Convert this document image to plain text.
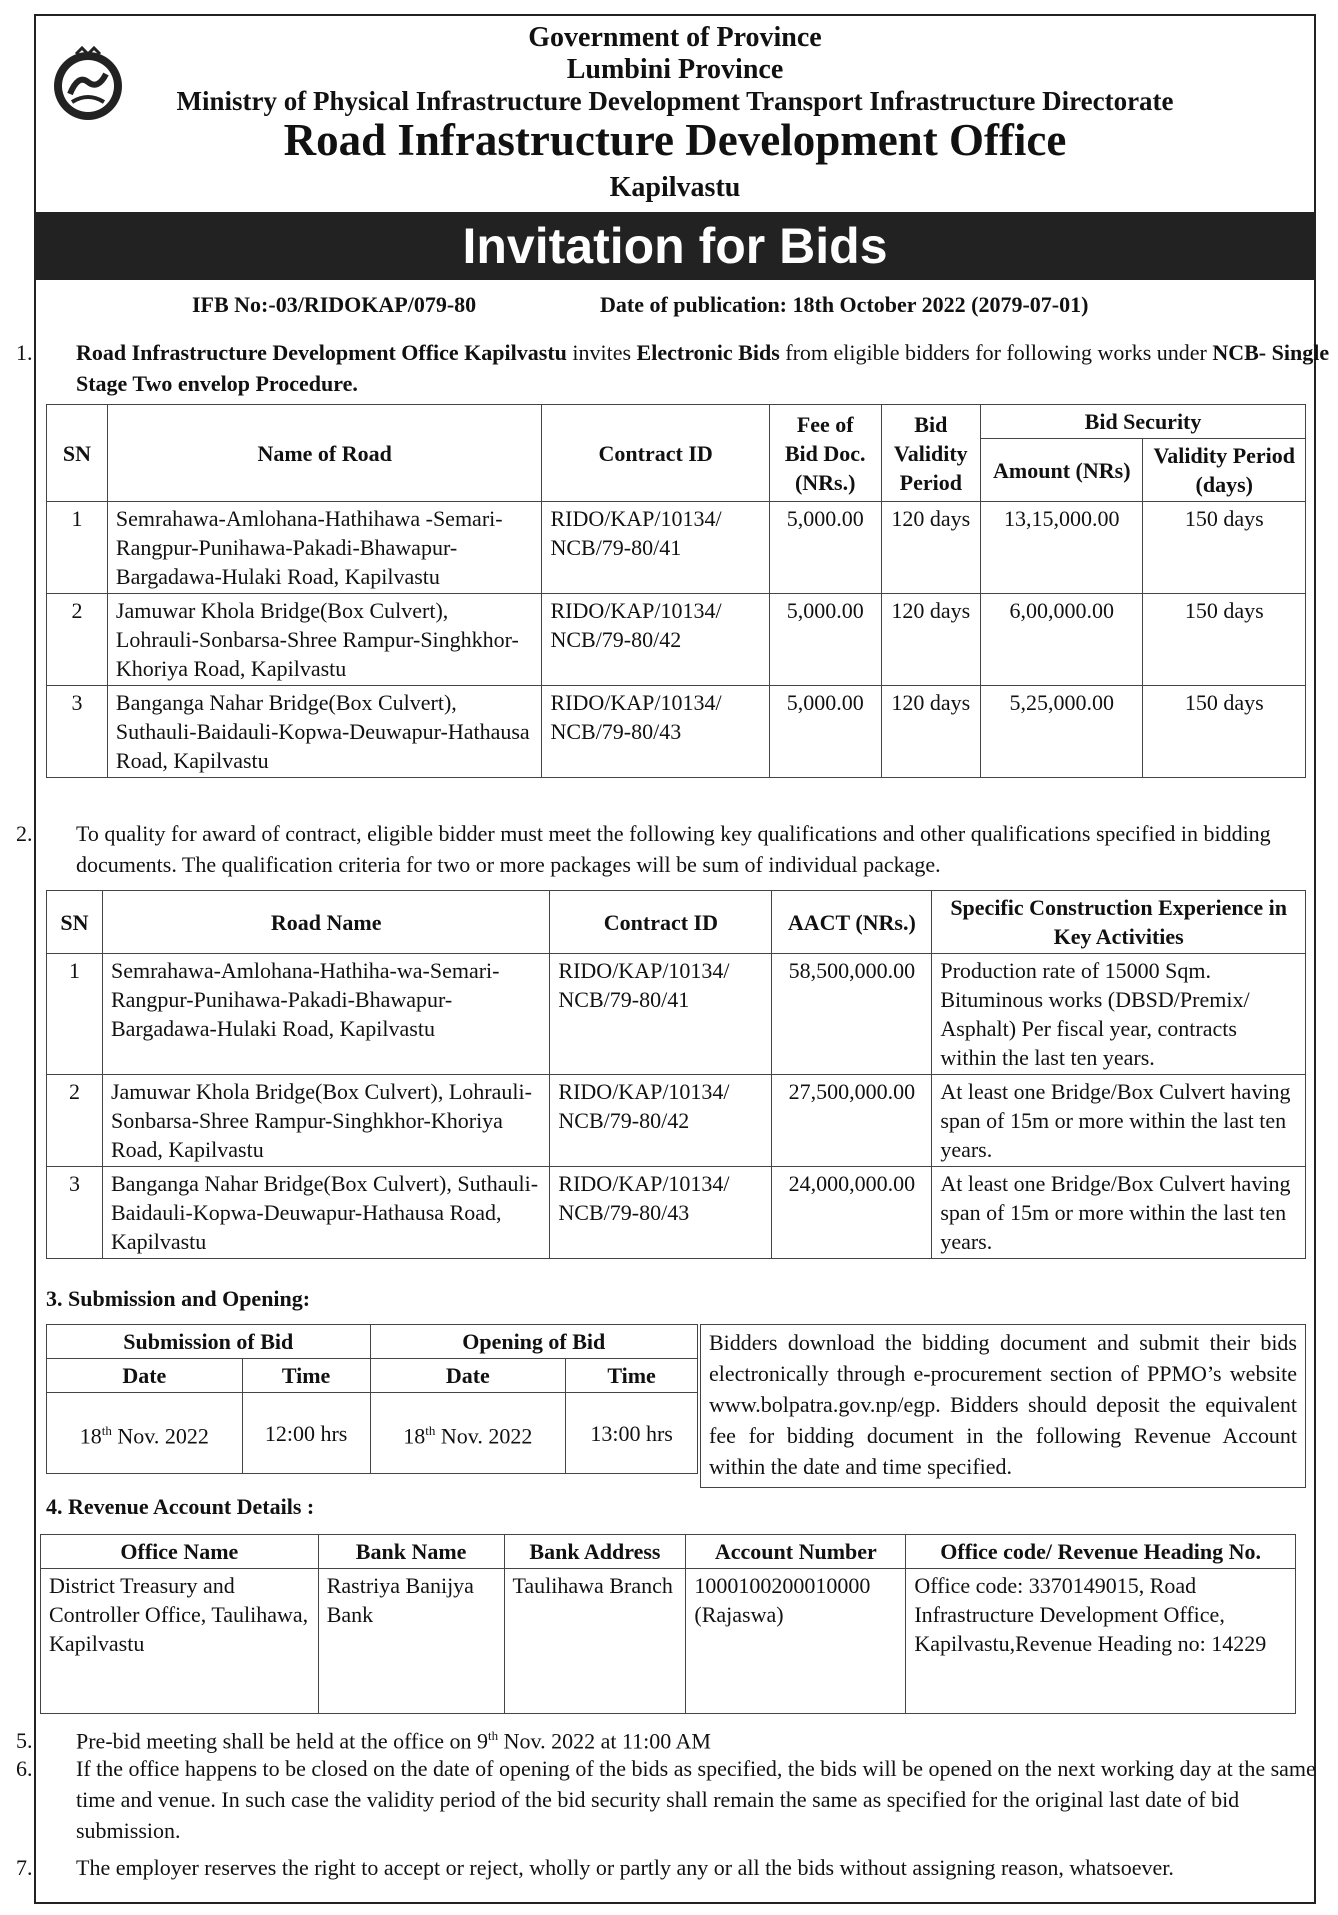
Government of Province
Lumbini Province
Ministry of Physical Infrastructure Development Transport Infrastructure Directorate
Road Infrastructure Development Office
Kapilvastu
Invitation for Bids
IFB No:-03/RIDOKAP/079-80	Date of publication: 18th October 2022 (2079-07-01)
1. Road Infrastructure Development Office Kapilvastu invites Electronic Bids from eligible bidders for following works under NCB- Single Stage Two envelop Procedure.
SN	Name of Road	Contract ID	Fee of Bid Doc. (NRs.)	Bid Validity Period	Bid Security	
					Amount (NRs)	Validity Period (days)
1	Semrahawa-Amlohana-Hathihawa -Semari-Rangpur-Punihawa-Pakadi-Bhawapur-Bargadawa-Hulaki Road, Kapilvastu	RIDO/KAP/10134/ NCB/79-80/41	5,000.00	120 days	13,15,000.00	150 days
2	Jamuwar Khola Bridge(Box Culvert), Lohrauli-Sonbarsa-Shree Rampur-Singhkhor-Khoriya Road, Kapilvastu	RIDO/KAP/10134/ NCB/79-80/42	5,000.00	120 days	6,00,000.00	150 days
3	Banganga Nahar Bridge(Box Culvert), Suthauli-Baidauli-Kopwa-Deuwapur-Hathausa Road, Kapilvastu	RIDO/KAP/10134/ NCB/79-80/43	5,000.00	120 days	5,25,000.00	150 days
2. To quality for award of contract, eligible bidder must meet the following key qualifications and other qualifications specified in bidding documents. The qualification criteria for two or more packages will be sum of individual package.
SN	Road Name	Contract ID	AACT (NRs.)	Specific Construction Experience in Key Activities
1	Semrahawa-Amlohana-Hathiha-wa-Semari-Rangpur-Punihawa-Pakadi-Bhawapur-Bargadawa-Hulaki Road, Kapilvastu	RIDO/KAP/10134/ NCB/79-80/41	58,500,000.00	Production rate of 15000 Sqm. Bituminous works (DBSD/Premix/ Asphalt) Per fiscal year, contracts within the last ten years.
2	Jamuwar Khola Bridge(Box Culvert), Lohrauli-Sonbarsa-Shree Rampur-Singhkhor-Khoriya Road, Kapilvastu	RIDO/KAP/10134/ NCB/79-80/42	27,500,000.00	At least one Bridge/Box Culvert having span of 15m or more within the last ten years.
3	Banganga Nahar Bridge(Box Culvert), Suthauli-Baidauli-Kopwa-Deuwapur-Hathausa Road, Kapilvastu	RIDO/KAP/10134/ NCB/79-80/43	24,000,000.00	At least one Bridge/Box Culvert having span of 15m or more within the last ten years.
3. Submission and Opening:
Submission of Bid		Opening of Bid	
Date	Time	Date	Time
18th Nov. 2022	12:00 hrs	18th Nov. 2022	13:00 hrs
Bidders download the bidding document and submit their bids electronically through e-procurement section of PPMO’s website www.bolpatra.gov.np/egp. Bidders should deposit the equivalent fee for bidding document in the following Revenue Account within the date and time specified.
4. Revenue Account Details :
Office Name	Bank Name	Bank Address	Account Number	Office code/ Revenue Heading No.
District Treasury and Controller Office, Taulihawa, Kapilvastu	Rastriya Banijya Bank	Taulihawa Branch	1000100200010000 (Rajaswa)	Office code: 3370149015, Road Infrastructure Development Office, Kapilvastu,Revenue Heading no: 14229
5. Pre-bid meeting shall be held at the office on 9th Nov. 2022 at 11:00 AM
6. If the office happens to be closed on the date of opening of the bids as specified, the bids will be opened on the next working day at the same time and venue. In such case the validity period of the bid security shall remain the same as specified for the original last date of bid submission.
7. The employer reserves the right to accept or reject, wholly or partly any or all the bids without assigning reason, whatsoever.
